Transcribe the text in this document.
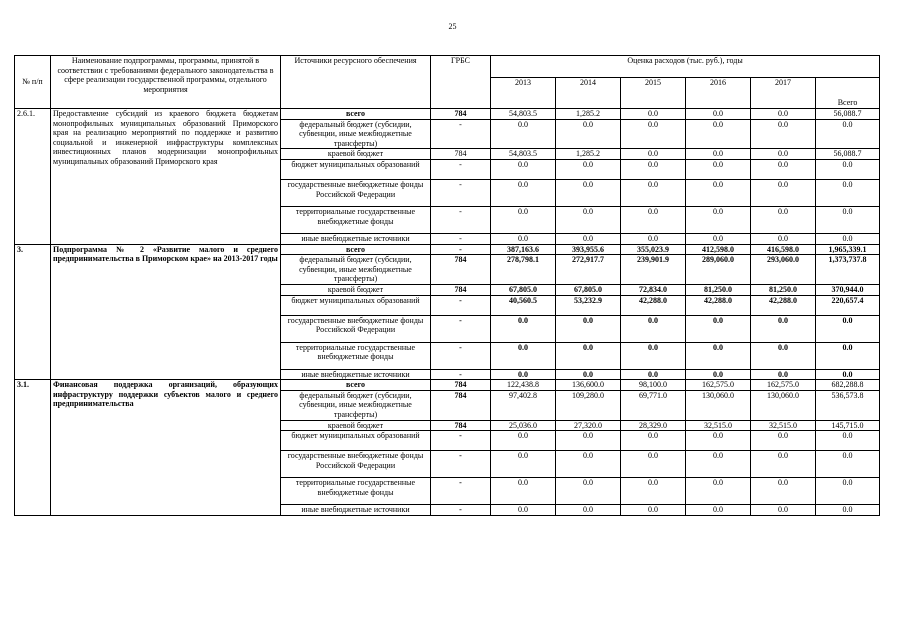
25
№ п/п	Наименование подпрограммы, программы, принятой в соответствии с требованиями федерального законодательства в сфере реализации государственной программы, отдельного мероприятия	Источники ресурсного обеспечения	ГРБС	Оценка расходов (тыс. руб.), годы					
				2013	2014	2015	2016	2017	Всего
2.6.1.	Предоставление субсидий из краевого бюджета бюджетам монопрофильных муниципальных образований Приморского края на реализацию мероприятий по поддержке и развитию социальной и инженерной инфраструктуры комплексных инвестиционных планов модернизации монопрофильных муниципальных образований Приморского края	всего	784	54,803.5	1,285.2	0.0	0.0	0.0	56,088.7
		федеральный бюджет (субсидии, субвенции, иные межбюджетные трансферты)	-	0.0	0.0	0.0	0.0	0.0	0.0
		краевой бюджет	784	54,803.5	1,285.2	0.0	0.0	0.0	56,088.7
		бюджет муниципальных образований	-	0.0	0.0	0.0	0.0	0.0	0.0
		государственные внебюджетные фонды Российской Федерации	-	0.0	0.0	0.0	0.0	0.0	0.0
		территориальные государственные внебюджетные фонды	-	0.0	0.0	0.0	0.0	0.0	0.0
		иные внебюджетные источники	-	0.0	0.0	0.0	0.0	0.0	0.0
3.	Подпрограмма № 2 «Развитие малого и среднего предпринимательства в Приморском крае» на 2013-2017 годы	всего	-	387,163.6	393,955.6	355,023.9	412,598.0	416,598.0	1,965,339.1
		федеральный бюджет (субсидии, субвенции, иные межбюджетные трансферты)	784	278,798.1	272,917.7	239,901.9	289,060.0	293,060.0	1,373,737.8
		краевой бюджет	784	67,805.0	67,805.0	72,834.0	81,250.0	81,250.0	370,944.0
		бюджет муниципальных образований	-	40,560.5	53,232.9	42,288.0	42,288.0	42,288.0	220,657.4
		государственные внебюджетные фонды Российской Федерации	-	0.0	0.0	0.0	0.0	0.0	0.0
		территориальные государственные внебюджетные фонды	-	0.0	0.0	0.0	0.0	0.0	0.0
		иные внебюджетные источники	-	0.0	0.0	0.0	0.0	0.0	0.0
3.1.	Финансовая поддержка организаций, образующих инфраструктуру поддержки субъектов малого и среднего предпринимательства	всего	784	122,438.8	136,600.0	98,100.0	162,575.0	162,575.0	682,288.8
		федеральный бюджет (субсидии, субвенции, иные межбюджетные трансферты)	784	97,402.8	109,280.0	69,771.0	130,060.0	130,060.0	536,573.8
		краевой бюджет	784	25,036.0	27,320.0	28,329.0	32,515.0	32,515.0	145,715.0
		бюджет муниципальных образований	-	0.0	0.0	0.0	0.0	0.0	0.0
		государственные внебюджетные фонды Российской Федерации	-	0.0	0.0	0.0	0.0	0.0	0.0
		территориальные государственные внебюджетные фонды	-	0.0	0.0	0.0	0.0	0.0	0.0
		иные внебюджетные источники	-	0.0	0.0	0.0	0.0	0.0	0.0
